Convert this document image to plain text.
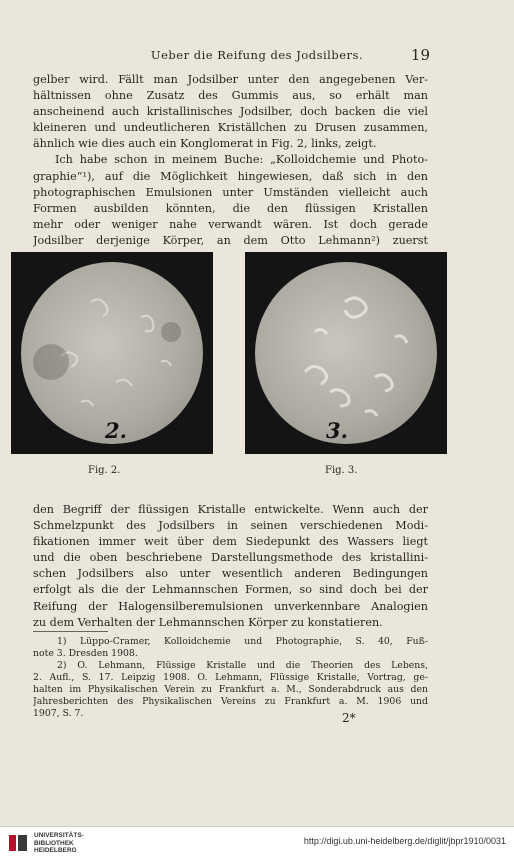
Ueber die Reifung des Jodsilbers.	19
gelber wird. Fällt man Jodsilber unter den angegebenen Ver-
hältnissen ohne Zusatz des Gummis aus, so erhält man
anscheinend auch kristallinisches Jodsilber, doch backen die viel
kleineren und undeutlicheren Kriställchen zu Drusen zusammen,
ähnlich wie dies auch ein Konglomerat in Fig. 2, links, zeigt.
Ich habe schon in meinem Buche: „Kolloidchemie und Photo-
graphie“¹), auf die Möglichkeit hingewiesen, daß sich in den
photographischen Emulsionen unter Umständen vielleicht auch
Formen ausbilden könnten, die den flüssigen Kristallen
mehr oder weniger nahe verwandt wären. Ist doch gerade
Jodsilber derjenige Körper, an dem Otto Lehmann²) zuerst
2.	3.
Fig. 2.	Fig. 3.
den Begriff der flüssigen Kristalle entwickelte. Wenn auch der
Schmelzpunkt des Jodsilbers in seinen verschiedenen Modi-
fikationen immer weit über dem Siedepunkt des Wassers liegt
und die oben beschriebene Darstellungsmethode des kristallini-
schen Jodsilbers also unter wesentlich anderen Bedingungen
erfolgt als die der Lehmannschen Formen, so sind doch bei der
Reifung der Halogensilberemulsionen unverkennbare Analogien
zu dem Verhalten der Lehmannschen Körper zu konstatieren.
1) Lüppo-Cramer, Kolloidchemie und Photographie, S. 40, Fuß-
note 3. Dresden 1908.
2) O. Lehmann, Flüssige Kristalle und die Theorien des Lebens,
2. Aufl., S. 17. Leipzig 1908. O. Lehmann, Flüssige Kristalle, Vortrag, ge-
halten im Physikalischen Verein zu Frankfurt a. M., Sonderabdruck aus den
Jahresberichten des Physikalischen Vereins zu Frankfurt a. M. 1906 und
1907, S. 7.	2*
UNIVERSITÄTS-
BIBLIOTHEK
HEIDELBERG
http://digi.ub.uni-heidelberg.de/diglit/jbpr1910/0031
